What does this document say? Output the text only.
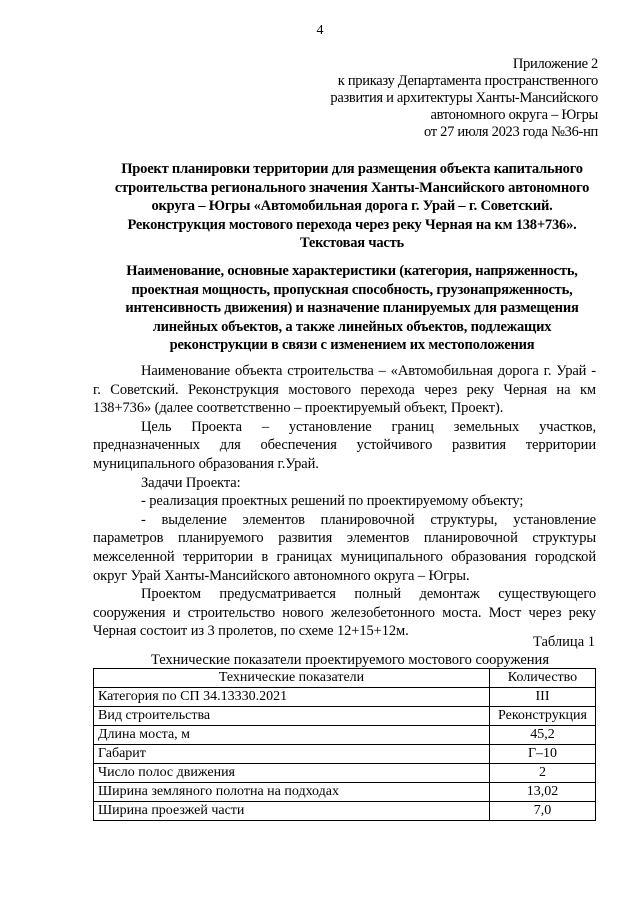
4
Приложение 2
к приказу Департамента пространственного
развития и архитектуры Ханты-Мансийского
автономного округа – Югры
от 27 июля 2023 года №36-нп
Проект планировки территории для размещения объекта капитального
строительства регионального значения Ханты-Мансийского автономного
округа – Югры «Автомобильная дорога г. Урай – г. Советский.
Реконструкция мостового перехода через реку Черная на км 138+736».
Текстовая часть
Наименование, основные характеристики (категория, напряженность,
проектная мощность, пропускная способность, грузонапряженность,
интенсивность движения) и назначение планируемых для размещения
линейных объектов, а также линейных объектов, подлежащих
реконструкции в связи с изменением их местоположения

Наименование объекта строительства – «Автомобильная дорога г. Урай - г. Советский. Реконструкция мостового перехода через реку Черная на км 138+736» (далее соответственно – проектируемый объект, Проект).

Цель Проекта – установление границ земельных участков, предназначенных для обеспечения устойчивого развития территории муниципального образования г.Урай.

Задачи Проекта:

- реализация проектных решений по проектируемому объекту;

- выделение элементов планировочной структуры, установление параметров планируемого развития элементов планировочной структуры межселенной территории в границах муниципального образования городской округ Урай Ханты-Мансийского автономного округа – Югры.

Проектом предусматривается полный демонтаж существующего сооружения и строительство нового железобетонного моста. Мост через реку Черная состоит из 3 пролетов, по схеме 12+15+12м.

Таблица 1
Технические показатели проектируемого мостового сооружения
Технические показатели	Количество
Категория по СП 34.13330.2021	III
Вид строительства	Реконструкция
Длина моста, м	45,2
Габарит	Г–10
Число полос движения	2
Ширина земляного полотна на подходах	13,02
Ширина проезжей части	7,0
